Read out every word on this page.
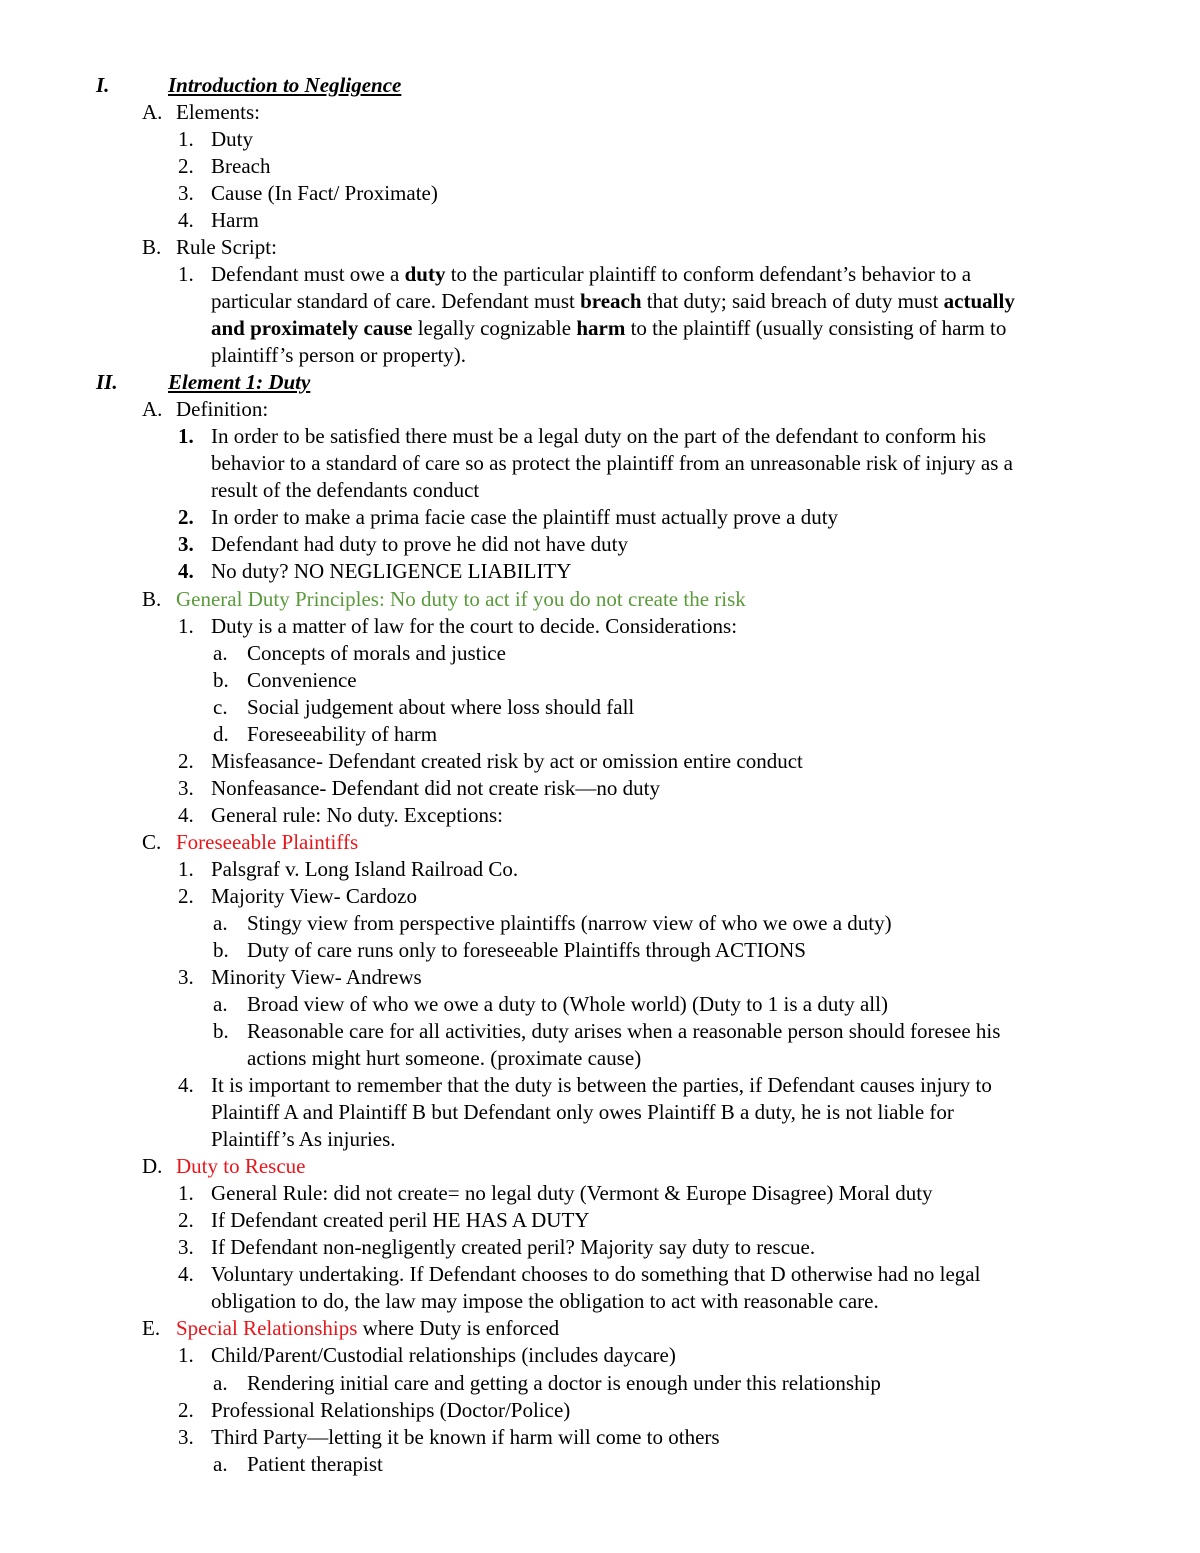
I.	Introduction to Negligence
A. Elements:
1. Duty
2. Breach
3. Cause (In Fact/ Proximate)
4. Harm
B. Rule Script:
1. Defendant must owe a duty to the particular plaintiff to conform defendant’s behavior to a
particular standard of care. Defendant must breach that duty; said breach of duty must actually
and proximately cause legally cognizable harm to the plaintiff (usually consisting of harm to
plaintiff’s person or property).
II. Element 1: Duty
A. Definition:
1. In order to be satisfied there must be a legal duty on the part of the defendant to conform his
behavior to a standard of care so as protect the plaintiff from an unreasonable risk of injury as a
result of the defendants conduct
2. In order to make a prima facie case the plaintiff must actually prove a duty
3. Defendant had duty to prove he did not have duty
4. No duty? NO NEGLIGENCE LIABILITY
B. General Duty Principles: No duty to act if you do not create the risk
1. Duty is a matter of law for the court to decide. Considerations:
a. Concepts of morals and justice
b. Convenience
c. Social judgement about where loss should fall
d. Foreseeability of harm
2. Misfeasance- Defendant created risk by act or omission entire conduct
3. Nonfeasance- Defendant did not create risk—no duty
4. General rule: No duty. Exceptions:
C. Foreseeable Plaintiffs
1. Palsgraf v. Long Island Railroad Co.
2. Majority View- Cardozo
a. Stingy view from perspective plaintiffs (narrow view of who we owe a duty)
b. Duty of care runs only to foreseeable Plaintiffs through ACTIONS
3. Minority View- Andrews
a. Broad view of who we owe a duty to (Whole world) (Duty to 1 is a duty all)
b. Reasonable care for all activities, duty arises when a reasonable person should foresee his
actions might hurt someone. (proximate cause)
4. It is important to remember that the duty is between the parties, if Defendant causes injury to
Plaintiff A and Plaintiff B but Defendant only owes Plaintiff B a duty, he is not liable for
Plaintiff’s As injuries.
D. Duty to Rescue
1. General Rule: did not create= no legal duty (Vermont & Europe Disagree) Moral duty
2. If Defendant created peril HE HAS A DUTY
3. If Defendant non-negligently created peril? Majority say duty to rescue.
4. Voluntary undertaking. If Defendant chooses to do something that D otherwise had no legal
obligation to do, the law may impose the obligation to act with reasonable care.
E. Special Relationships where Duty is enforced
1. Child/Parent/Custodial relationships (includes daycare)
a. Rendering initial care and getting a doctor is enough under this relationship
2. Professional Relationships (Doctor/Police)
3. Third Party—letting it be known if harm will come to others
a. Patient therapist
